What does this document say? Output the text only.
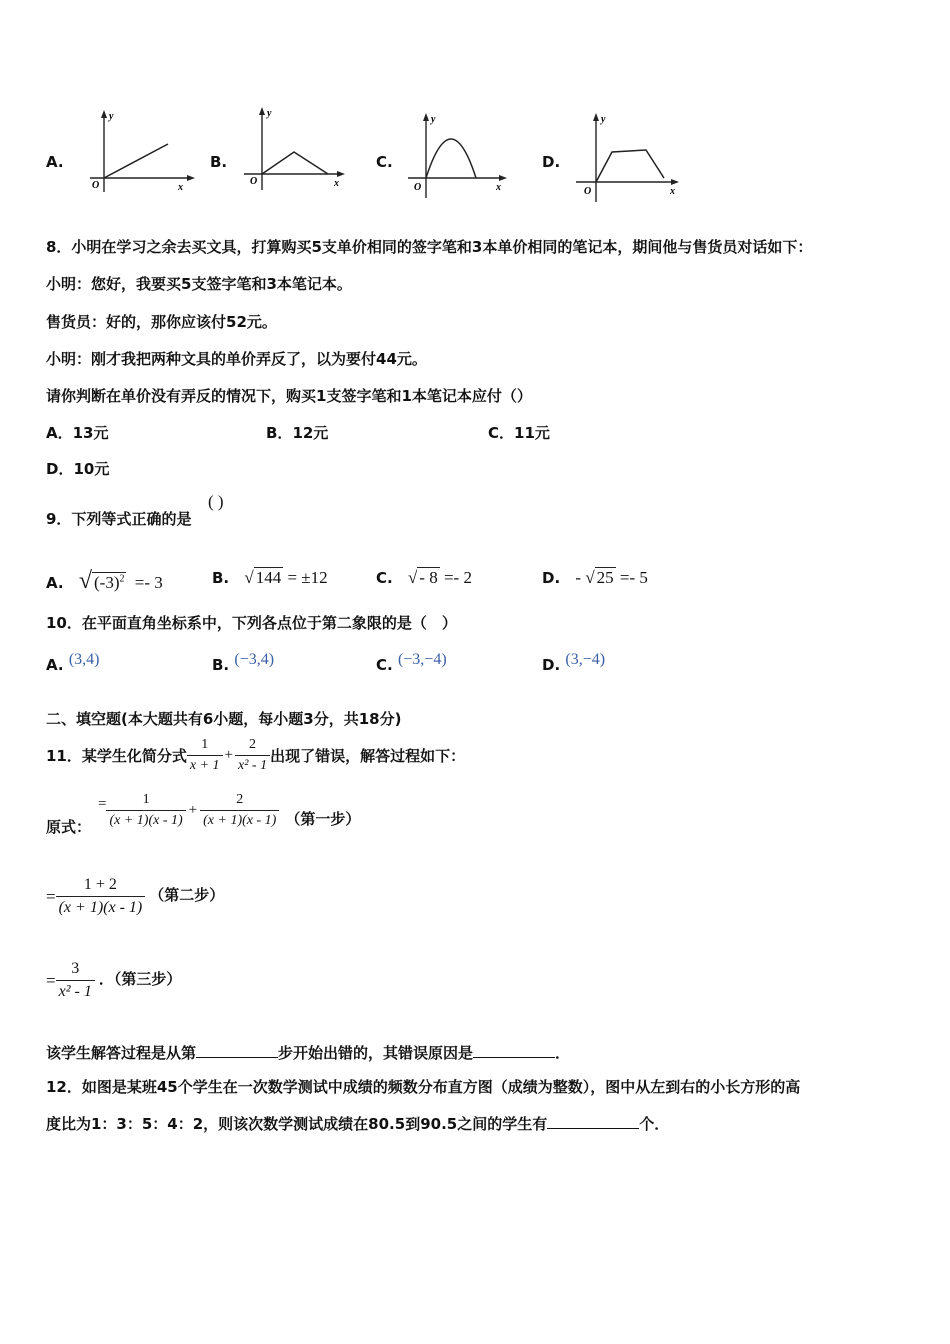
A.
y
O	x
B.
y
O	x
C.
y
O	x
D.
y
O	x
8．小明在学习之余去买文具，打算购买5支单价相同的签字笔和3本单价相同的笔记本，期间他与售货员对话如下：
小明：您好，我要买5支签字笔和3本笔记本。
售货员：好的，那你应该付52元。
小明：刚才我把两种文具的单价弄反了，以为要付44元。
请你判断在单价没有弄反的情况下，购买1支签字笔和1本笔记本应付（）
A．13元	B．12元	C．11元
D．10元
9．下列等式正确的是
( )
A. √ $(-3)^2 =- 3$	B. √ 144 = ±12	C. √ - 8 =- 2	D. - √ 25 =- 5
10．在平面直角坐标系中，下列各点位于第二象限的是（　）
A. (3,4)	B. (−3,4)	C. (−3,−4)	D. (3,−4)
二、填空题(本大题共有6小题，每小题3分，共18分)
11．某学生化简分式 $\frac{1}{x + 1} + \frac{2}{\text{x² - 1}}$ 出现了错误，解答过程如下：
原式：
= $\frac{1}{(x + 1)(x - 1)} + \frac{2}{(x + 1)(x - 1)}$ （第一步）
= $\frac{1 + 2}{(x + 1)(x - 1)}$ （第二步）
= $\frac{3}{\text{x² - 1}}$ ．（第三步）
该学生解答过程是从第	步开始出错的，其错误原因是	．
12．如图是某班45个学生在一次数学测试中成绩的频数分布直方图（成绩为整数），图中从左到右的小长方形的高
度比为1：3：5：4：2，则该次数学测试成绩在80.5到90.5之间的学生有	个．
